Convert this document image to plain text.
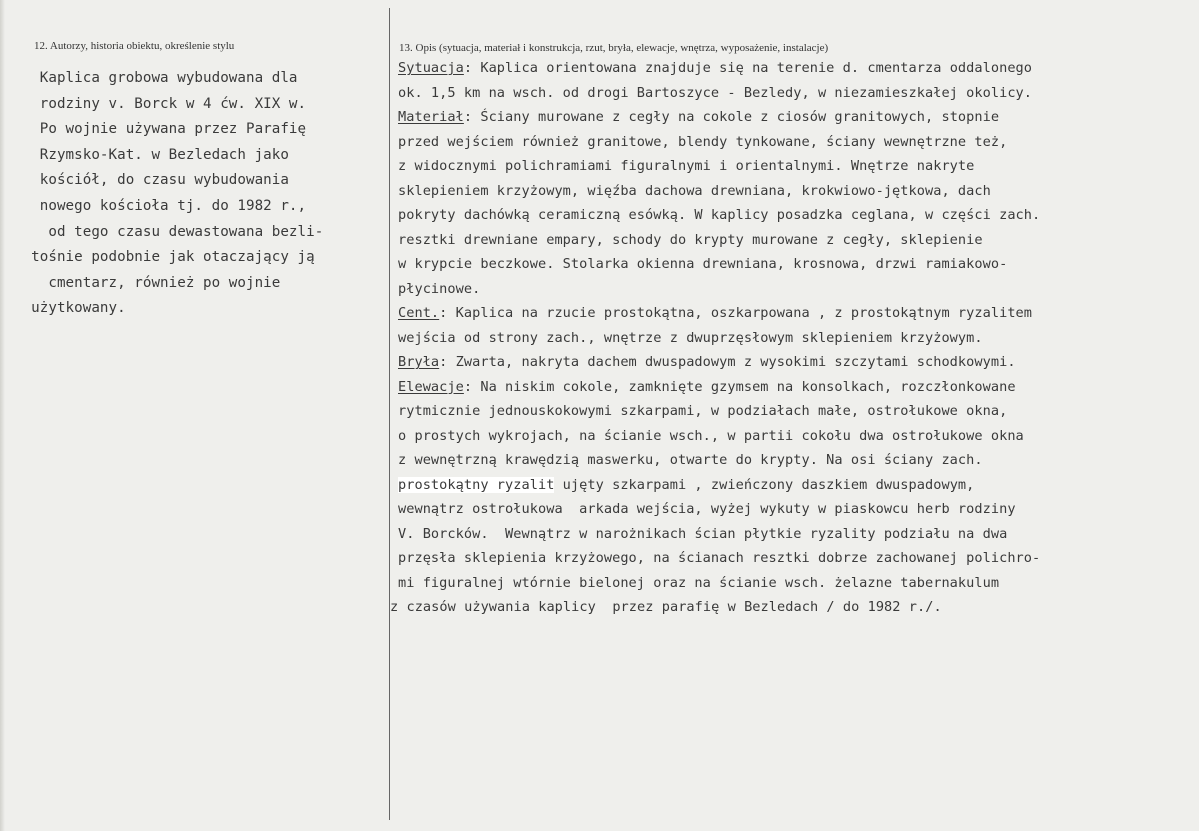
12. Autorzy, historia obiektu, określenie stylu	13. Opis (sytuacja, materiał i konstrukcja, rzut, bryła, elewacje, wnętrza, wyposażenie, instalacje)
Kaplica grobowa wybudowana dla
rodziny v. Borck w 4 ćw. XIX w.
Po wojnie używana przez Parafię
Rzymsko-Kat. w Bezledach jako
kościół, do czasu wybudowania
nowego kościoła tj. do 1982 r.,
od tego czasu dewastowana bezli-
tośnie podobnie jak otaczający ją
cmentarz, również po wojnie
użytkowany.
Sytuacja: Kaplica orientowana znajduje się na terenie d. cmentarza oddalonego
ok. 1,5 km na wsch. od drogi Bartoszyce - Bezledy, w niezamieszkałej okolicy.
Materiał: Ściany murowane z cegły na cokole z ciosów granitowych, stopnie
przed wejściem również granitowe, blendy tynkowane, ściany wewnętrzne też,
z widocznymi polichramiami figuralnymi i orientalnymi. Wnętrze nakryte
sklepieniem krzyżowym, więźba dachowa drewniana, krokwiowo-jętkowa, dach
pokryty dachówką ceramiczną esówką. W kaplicy posadzka ceglana, w części zach.
resztki drewniane empary, schody do krypty murowane z cegły, sklepienie
w krypcie beczkowe. Stolarka okienna drewniana, krosnowa, drzwi ramiakowo-
płycinowe.
Cent.: Kaplica na rzucie prostokątna, oszkarpowana , z prostokątnym ryzalitem
wejścia od strony zach., wnętrze z dwuprzęsłowym sklepieniem krzyżowym.
Bryła: Zwarta, nakryta dachem dwuspadowym z wysokimi szczytami schodkowymi.
Elewacje: Na niskim cokole, zamknięte gzymsem na konsolkach, rozczłonkowane
rytmicznie jednouskokowymi szkarpami, w podziałach małe, ostrołukowe okna,
o prostych wykrojach, na ścianie wsch., w partii cokołu dwa ostrołukowe okna
z wewnętrzną krawędzią maswerku, otwarte do krypty. Na osi ściany zach.
prostokątny ryzalit ujęty szkarpami , zwieńczony daszkiem dwuspadowym,
wewnątrz ostrołukowa  arkada wejścia, wyżej wykuty w piaskowcu herb rodziny
V. Borcków.  Wewnątrz w narożnikach ścian płytkie ryzality podziału na dwa
przęsła sklepienia krzyżowego, na ścianach resztki dobrze zachowanej polichro-
mi figuralnej wtórnie bielonej oraz na ścianie wsch. żelazne tabernakulum
z czasów używania kaplicy  przez parafię w Bezledach / do 1982 r./.
